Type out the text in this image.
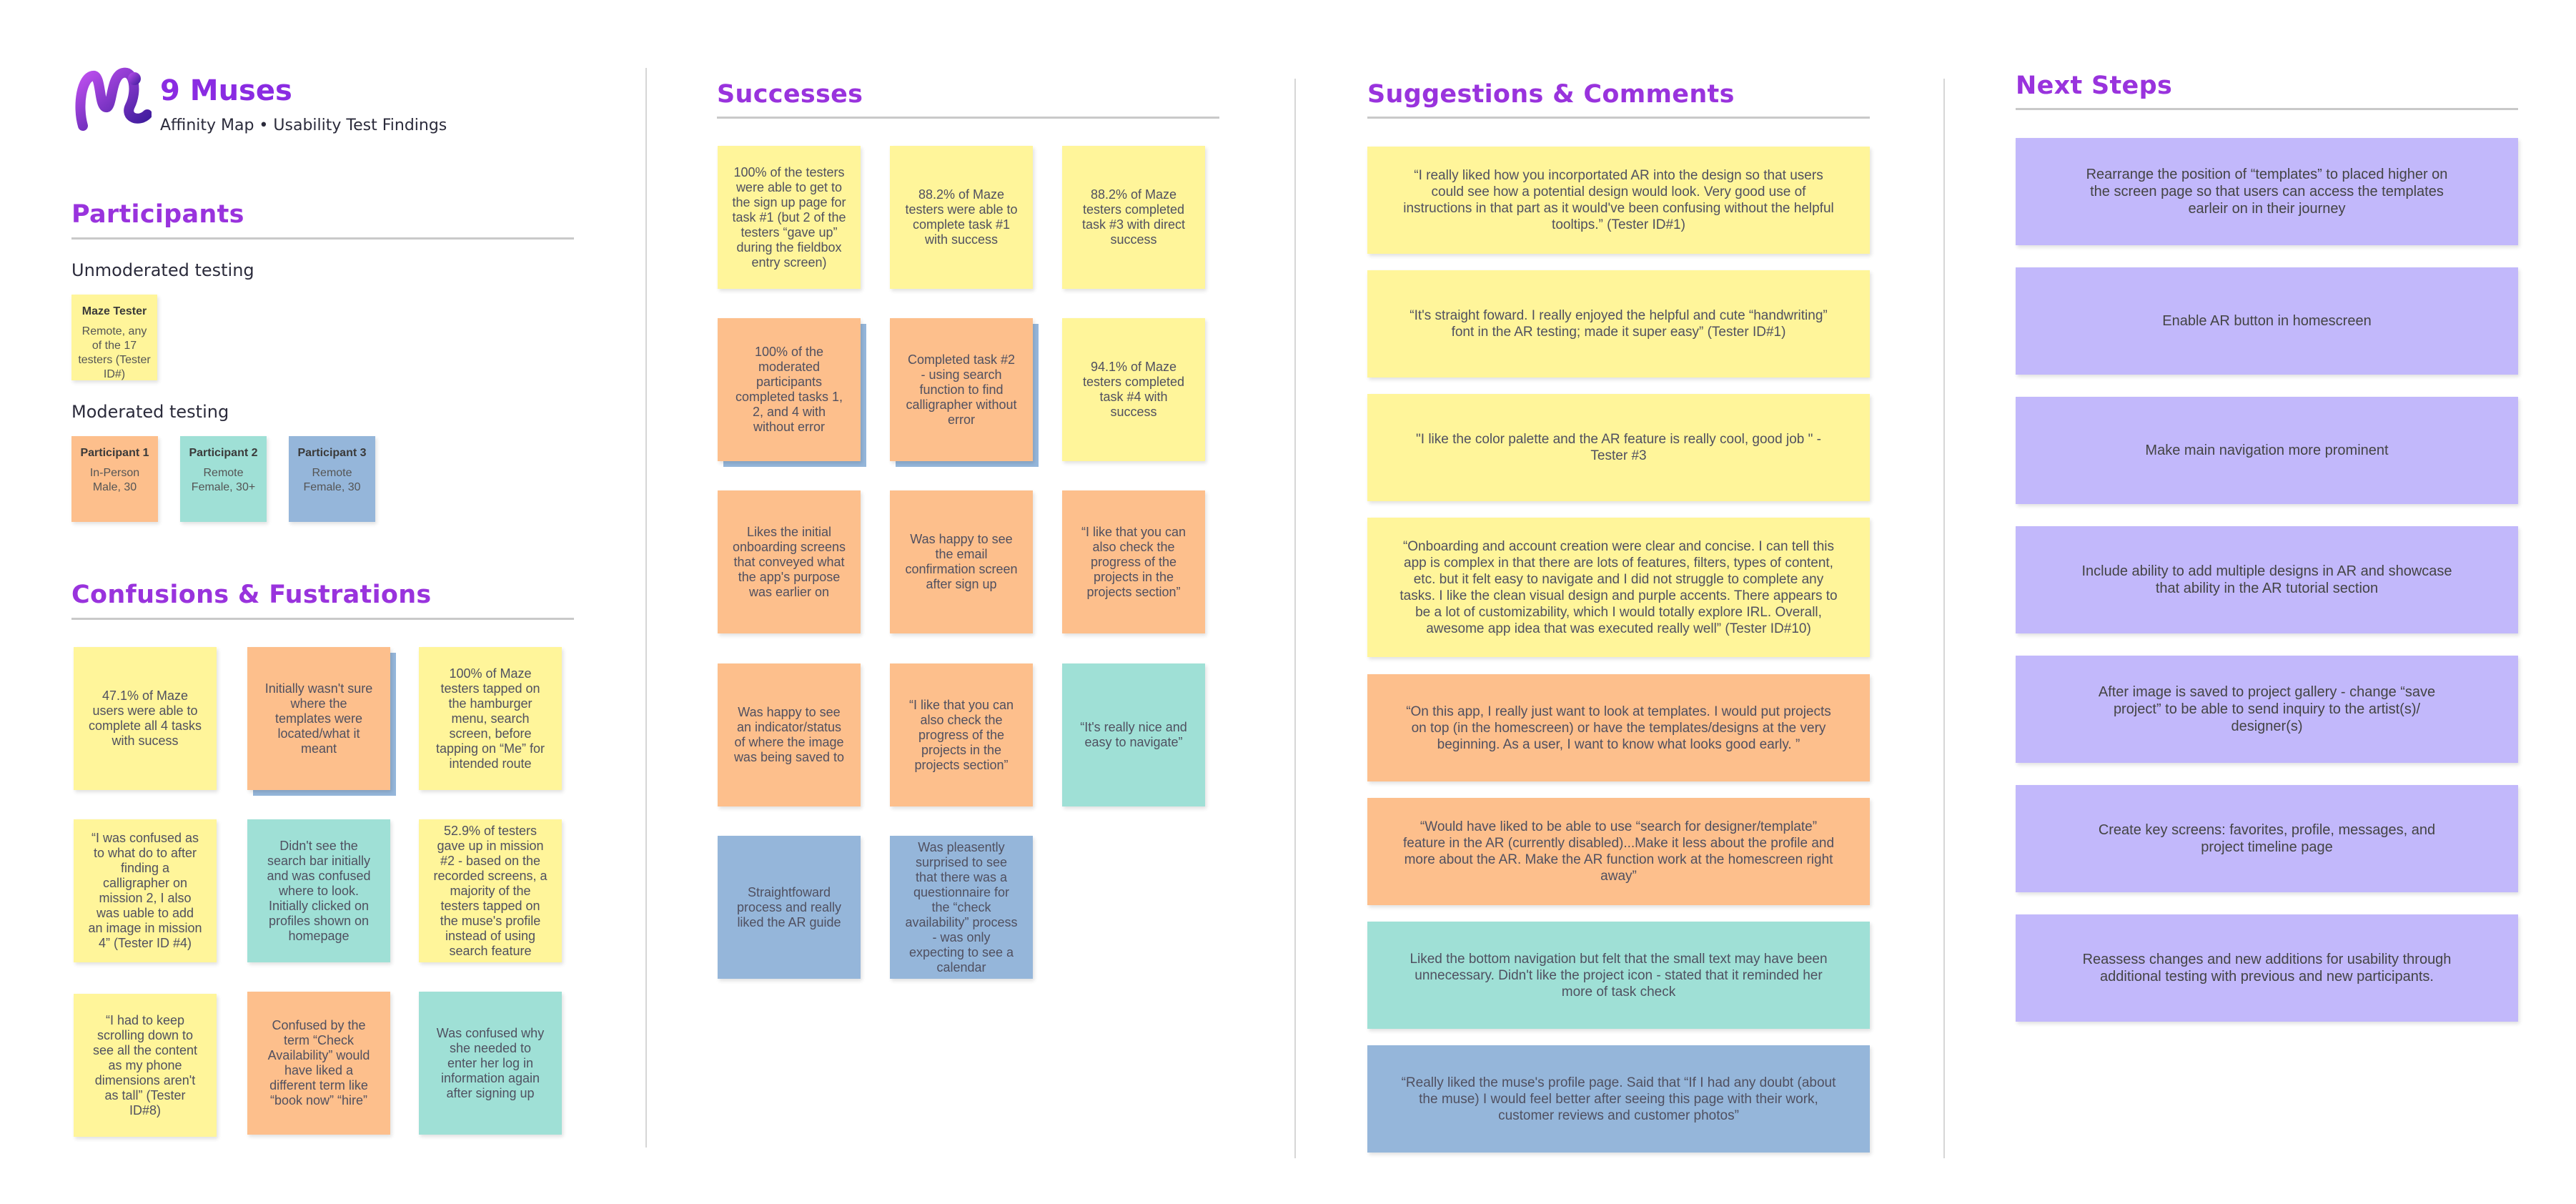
9 Muses
Affinity Map • Usability Test Findings
Participants
Unmoderated testing
Maze Tester
Remote, any of the 17 testers (Tester ID#)
Moderated testing
Participant 1
In-Person
Male, 30
Participant 2
Remote
Female, 30+
Participant 3
Remote
Female, 30
Confusions & Fustrations
47.1% of Maze users were able to complete all 4 tasks with sucess
Initially wasn't sure where the templates were located/what it meant
100% of Maze testers tapped on the hamburger menu, search screen, before tapping on “Me” for intended route
“I was confused as to what do to after finding a calligrapher on mission 2, I also was uable to add an image in mission 4” (Tester ID #4)
Didn't see the search bar initially and was confused where to look. Initially clicked on profiles shown on homepage
52.9% of testers gave up in mission #2 - based on the recorded screens, a majority of the testers tapped on the muse's profile instead of using search feature
“I had to keep scrolling down to see all the content as my phone dimensions aren't as tall” (Tester ID#8)
Confused by the term “Check Availability” would have liked a different term like “book now” “hire”
Was confused why she needed to enter her log in information again after signing up
Successes
100% of the testers were able to get to the sign up page for task #1 (but 2 of the testers “gave up” during the fieldbox entry screen)
88.2% of Maze testers were able to complete task #1 with success
88.2% of Maze testers completed task #3 with direct success
100% of the moderated participants completed tasks 1, 2, and 4 with without error
Completed task #2 - using search function to find calligrapher without error
94.1% of Maze testers completed task #4 with success
Likes the initial onboarding screens that conveyed what the app's purpose was earlier on
Was happy to see the email confirmation screen after sign up
“I like that you can also check the progress of the projects in the projects section”
Was happy to see an indicator/status of where the image was being saved to
“I like that you can also check the progress of the projects in the projects section”
“It's really nice and easy to navigate”
Straightfoward process and really liked the AR guide
Was pleasently surprised to see that there was a questionnaire for the “check availability” process - was only expecting to see a calendar
Suggestions & Comments
“I really liked how you incorportated AR into the design so that users could see how a potential design would look. Very good use of instructions in that part as it would've been confusing without the helpful tooltips.” (Tester ID#1)
“It's straight foward. I really enjoyed the helpful and cute “handwriting” font in the AR testing; made it super easy” (Tester ID#1)
"I like the color palette and the AR feature is really cool, good job " - Tester #3
“Onboarding and account creation were clear and concise. I can tell this app is complex in that there are lots of features, filters, types of content, etc. but it felt easy to navigate and I did not struggle to complete any tasks. I like the clean visual design and purple accents. There appears to be a lot of customizability, which I would totally explore IRL. Overall, awesome app idea that was executed really well” (Tester ID#10)
“On this app, I really just want to look at templates. I would put projects on top (in the homescreen) or have the templates/designs at the very beginning. As a user, I want to know what looks good early. ”
“Would have liked to be able to use “search for designer/template” feature in the AR (currently disabled)...Make it less about the profile and more about the AR. Make the AR function work at the homescreen right away”
Liked the bottom navigation but felt that the small text may have been unnecessary. Didn't like the project icon - stated that it reminded her more of task check
“Really liked the muse's profile page. Said that “If I had any doubt (about the muse) I would feel better after seeing this page with their work, customer reviews and customer photos”
Next Steps
Rearrange the position of “templates” to placed higher on the screen page so that users can access the templates earleir on in their journey
Enable AR button in homescreen
Make main navigation more prominent
Include ability to add multiple designs in AR and showcase that ability in the AR tutorial section
After image is saved to project gallery - change “save project” to be able to send inquiry to the artist(s)/ designer(s)
Create key screens: favorites, profile, messages, and project timeline page
Reassess changes and new additions for usability through additional testing with previous and new participants.
